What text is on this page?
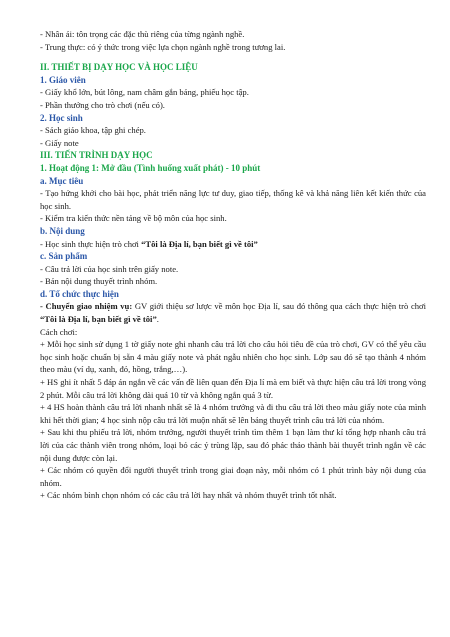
- Nhân ái: tôn trọng các đặc thù riêng của từng ngành nghề.

- Trung thực: có ý thức trong việc lựa chọn ngành nghề trong tương lai.

II. THIẾT BỊ DẠY HỌC VÀ HỌC LIỆU

1. Giáo viên

- Giấy khổ lớn, bút lông, nam châm gắn bảng, phiếu học tập.

- Phần thưởng cho trò chơi (nếu có).

2. Học sinh

- Sách giáo khoa, tập ghi chép.

- Giấy note

III. TIẾN TRÌNH DẠY HỌC

1. Hoạt động 1: Mở đầu (Tình huống xuất phát) - 10 phút

a. Mục tiêu

- Tạo hứng khởi cho bài học, phát triển năng lực tư duy, giao tiếp, thống kê và khả năng liên kết kiến thức của học sinh.

- Kiểm tra kiến thức nền tảng về bộ môn của học sinh.

b. Nội dung

- Học sinh thực hiện trò chơi “Tôi là Địa lí, bạn biết gì về tôi”

c. Sản phẩm

- Câu trả lời của học sinh trên giấy note.

- Bản nội dung thuyết trình nhóm.

d. Tổ chức thực hiện

- Chuyển giao nhiệm vụ: GV giới thiệu sơ lược về môn học Địa lí, sau đó thông qua cách thực hiện trò chơi “Tôi là Địa lí, bạn biết gì về tôi”.

Cách chơi:

+ Mỗi học sinh sử dụng 1 tờ giấy note ghi nhanh câu trả lời cho câu hỏi tiêu đề của trò chơi, GV có thể yêu cầu học sinh hoặc chuẩn bị sẵn 4 màu giấy note và phát ngẫu nhiên cho học sinh. Lớp sau đó sẽ tạo thành 4 nhóm theo màu (ví dụ, xanh, đỏ, hồng, trắng,…).

+ HS ghi ít nhất 5 đáp án ngắn về các vấn đề liên quan đến Địa lí mà em biết và thực hiện câu trả lời trong vòng 2 phút. Mỗi câu trả lời không dài quá 10 từ và không ngắn quá 3 từ.

+ 4 HS hoàn thành câu trả lời nhanh nhất sẽ là 4 nhóm trưởng và đi thu câu trả lời theo màu giấy note của mình khi hết thời gian; 4 học sinh nộp câu trả lời muộn nhất sẽ lên bảng thuyết trình câu trả lời của nhóm.

+ Sau khi thu phiếu trả lời, nhóm trưởng, người thuyết trình tìm thêm 1 bạn làm thư kí tổng hợp nhanh câu trả lời của các thành viên trong nhóm, loại bỏ các ý trùng lặp, sau đó phác thảo thành bài thuyết trình ngắn về các nội dung được còn lại.

+ Các nhóm có quyền đổi người thuyết trình trong giai đoạn này, mỗi nhóm có 1 phút trình bày nội dung của nhóm.

+ Các nhóm bình chọn nhóm có các câu trả lời hay nhất và nhóm thuyết trình tốt nhất.
